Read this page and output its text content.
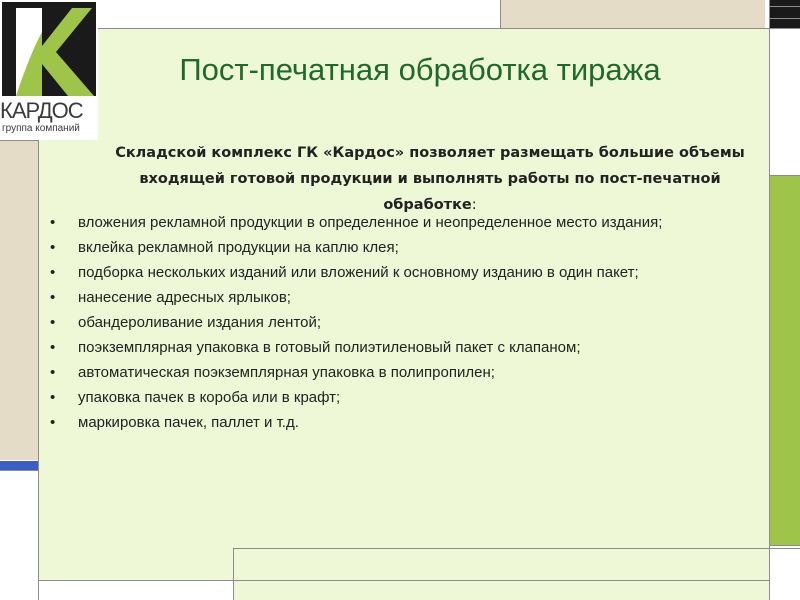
КАРДОС
группа компаний
Пост-печатная обработка тиража
Складской комплекс ГК «Кардос» позволяет размещать большие объемы входящей готовой продукции и выполнять работы по пост-печатной обработке:
• вложения рекламной продукции в определенное и неопределенное место издания;
• вклейка рекламной продукции на каплю клея;
• подборка нескольких изданий или вложений к основному изданию в один пакет;
• нанесение адресных ярлыков;
• обандероливание издания лентой;
• поэкземплярная упаковка в готовый полиэтиленовый пакет с клапаном;
• автоматическая поэкземплярная упаковка в полипропилен;
• упаковка пачек в короба или в крафт;
• маркировка пачек, паллет и т.д.
